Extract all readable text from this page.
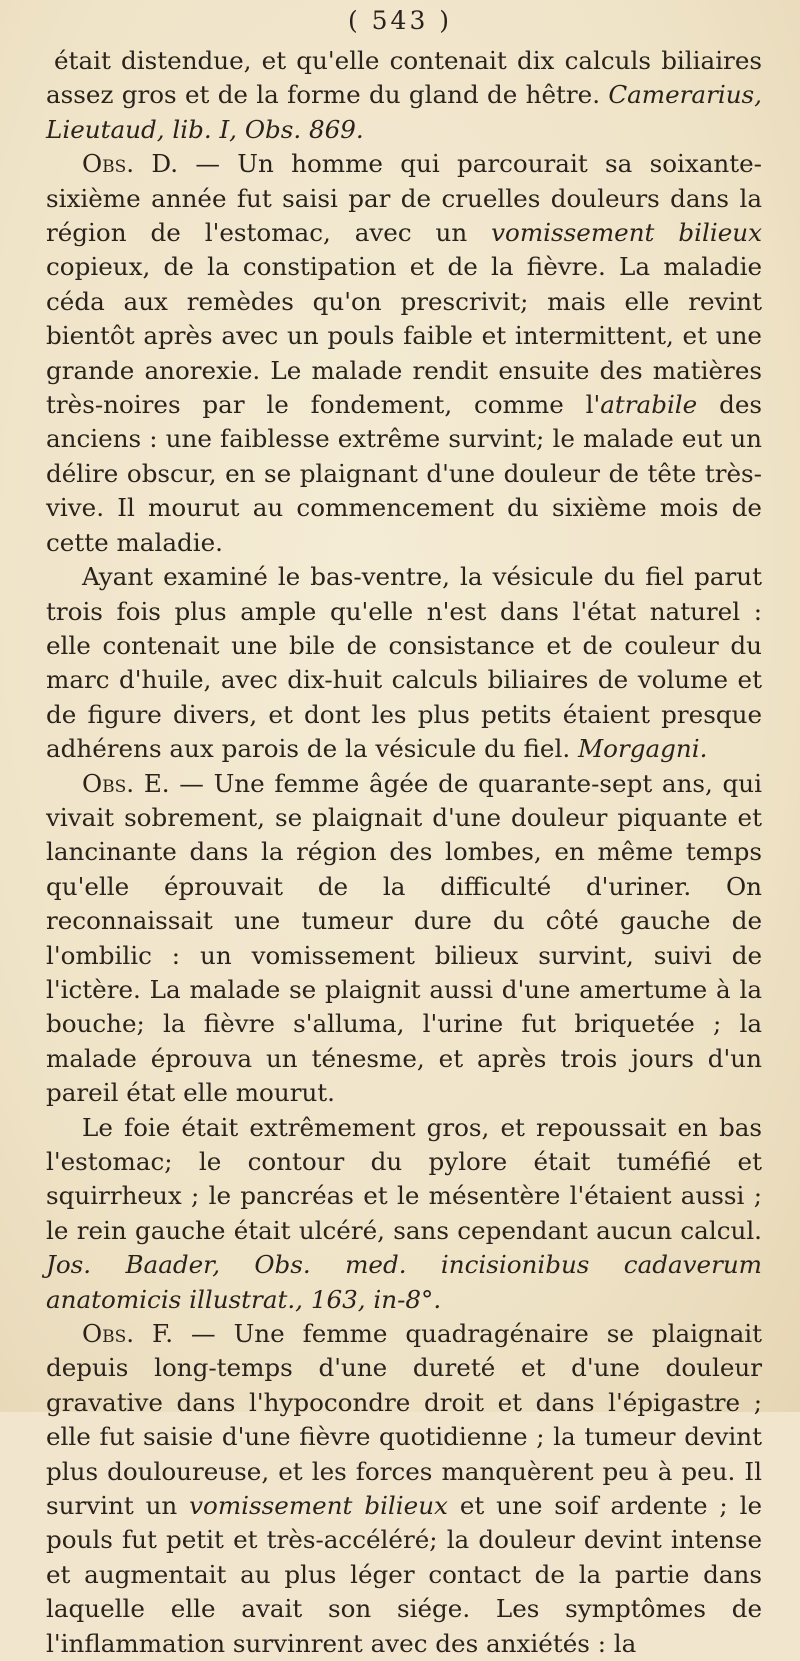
( 543 )

était distendue, et qu'elle contenait dix calculs biliaires assez gros et de la forme du gland de hêtre. Camerarius, Lieutaud, lib. I, Obs. 869.

Obs. D. — Un homme qui parcourait sa soixante-sixième année fut saisi par de cruelles douleurs dans la région de l'estomac, avec un vomissement bilieux copieux, de la constipation et de la fièvre. La maladie céda aux remèdes qu'on prescrivit; mais elle revint bientôt après avec un pouls faible et intermittent, et une grande anorexie. Le malade rendit ensuite des matières très-noires par le fondement, comme l'atrabile des anciens : une faiblesse extrême survint; le malade eut un délire obscur, en se plaignant d'une douleur de tête très-vive. Il mourut au commencement du sixième mois de cette maladie.

Ayant examiné le bas-ventre, la vésicule du fiel parut trois fois plus ample qu'elle n'est dans l'état naturel : elle contenait une bile de consistance et de couleur du marc d'huile, avec dix-huit calculs biliaires de volume et de figure divers, et dont les plus petits étaient presque adhérens aux parois de la vésicule du fiel. Morgagni.

Obs. E. — Une femme âgée de quarante-sept ans, qui vivait sobrement, se plaignait d'une douleur piquante et lancinante dans la région des lombes, en même temps qu'elle éprouvait de la difficulté d'uriner. On reconnaissait une tumeur dure du côté gauche de l'ombilic : un vomissement bilieux survint, suivi de l'ictère. La malade se plaignit aussi d'une amertume à la bouche; la fièvre s'alluma, l'urine fut briquetée ; la malade éprouva un ténesme, et après trois jours d'un pareil état elle mourut.

Le foie était extrêmement gros, et repoussait en bas l'estomac; le contour du pylore était tuméfié et squirrheux ; le pancréas et le mésentère l'étaient aussi ; le rein gauche était ulcéré, sans cependant aucun calcul. Jos. Baader, Obs. med. incisionibus cadaverum anatomicis illustrat., 163, in-8°.

Obs. F. — Une femme quadragénaire se plaignait depuis long-temps d'une dureté et d'une douleur gravative dans l'hypocondre droit et dans l'épigastre ; elle fut saisie d'une fièvre quotidienne ; la tumeur devint plus douloureuse, et les forces manquèrent peu à peu. Il survint un vomissement bilieux et une soif ardente ; le pouls fut petit et très-accéléré; la douleur devint intense et augmentait au plus léger contact de la partie dans laquelle elle avait son siége. Les symptômes de l'inflammation survinrent avec des anxiétés : la
